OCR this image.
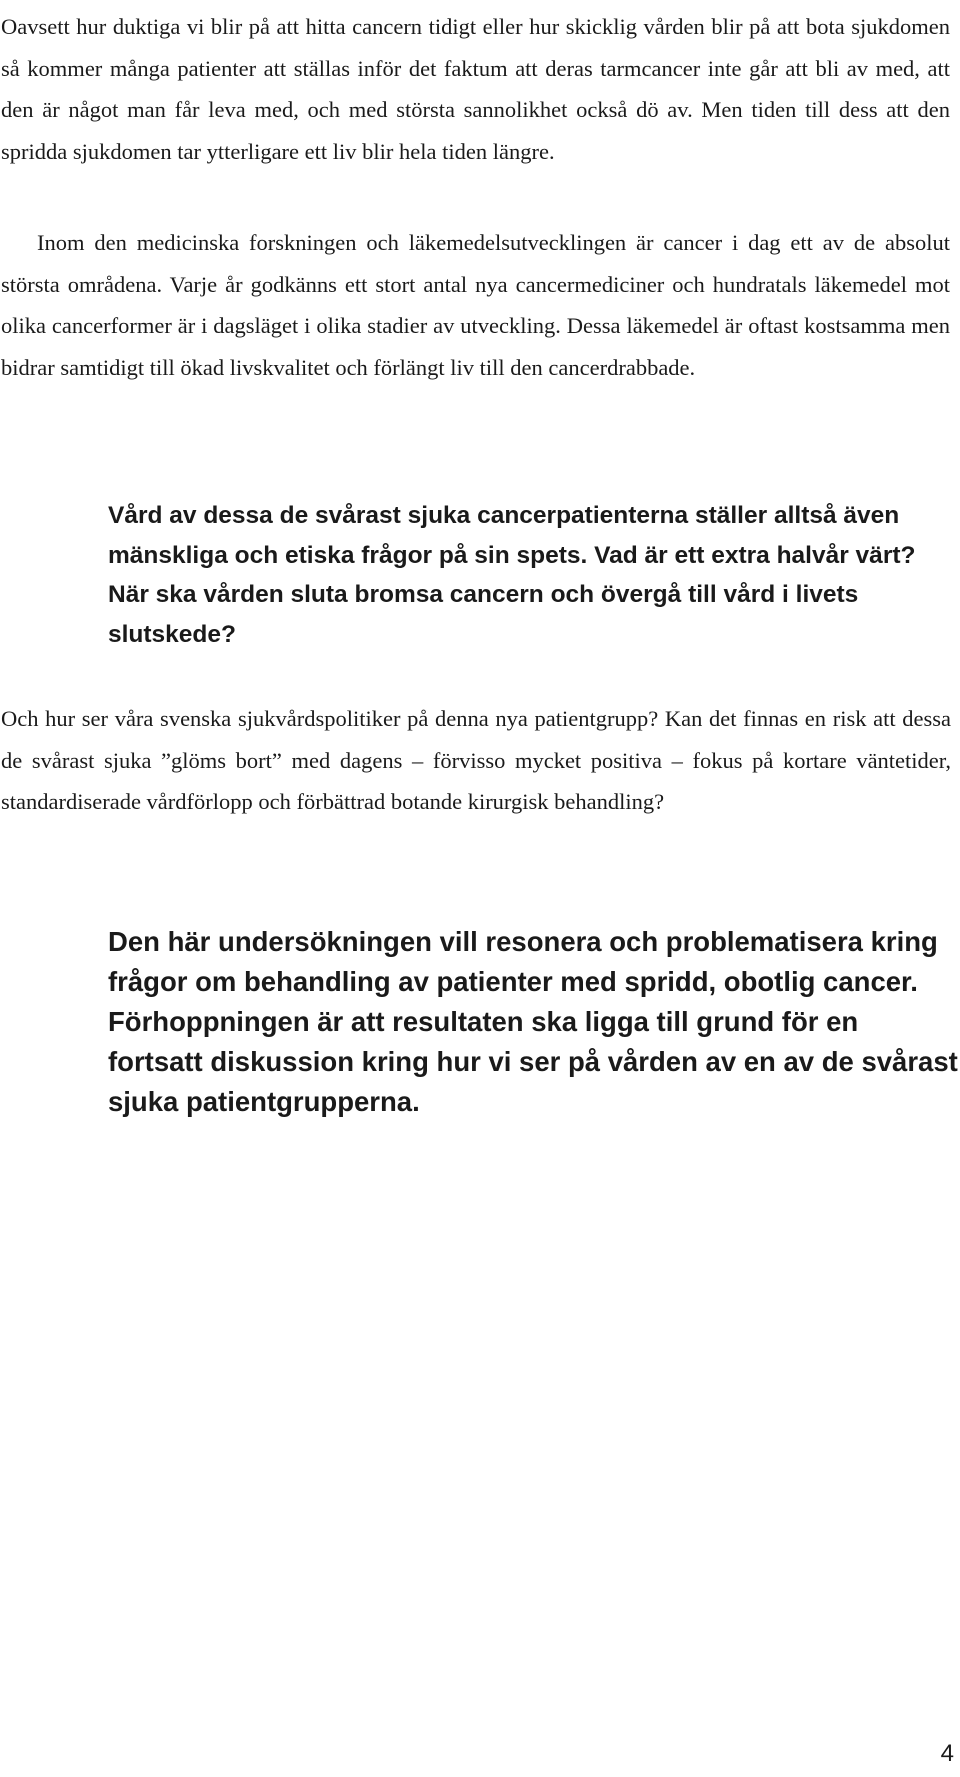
Oavsett hur duktiga vi blir på att hitta cancern tidigt eller hur skicklig vården blir på att bota sjukdomen så kommer många patienter att ställas inför det faktum att deras tarmcancer inte går att bli av med, att den är något man får leva med, och med största sannolikhet också dö av. Men tiden till dess att den spridda sjukdomen tar ytterligare ett liv blir hela tiden längre.

Inom den medicinska forskningen och läkemedelsutvecklingen är cancer i dag ett av de absolut största områdena. Varje år godkänns ett stort antal nya cancermediciner och hundratals läkemedel mot olika cancerformer är i dagsläget i olika stadier av utveckling. Dessa läkemedel är oftast kostsamma men bidrar samtidigt till ökad livskvalitet och förlängt liv till den cancerdrabbade.

Vård av dessa de svårast sjuka cancerpatienterna ställer alltså även mänskliga och etiska frågor på sin spets. Vad är ett extra halvår värt? När ska vården sluta bromsa cancern och övergå till vård i livets slutskede?

Och hur ser våra svenska sjukvårdspolitiker på denna nya patientgrupp? Kan det finnas en risk att dessa de svårast sjuka ”glöms bort” med dagens – förvisso mycket positiva – fokus på kortare väntetider, standardiserade vårdförlopp och förbättrad botande kirurgisk behandling?

Den här undersökningen vill resonera och problematisera kring frågor om behandling av patienter med spridd, obotlig cancer. Förhoppningen är att resultaten ska ligga till grund för en fortsatt diskussion kring hur vi ser på vården av en av de svårast sjuka patientgrupperna.

4
